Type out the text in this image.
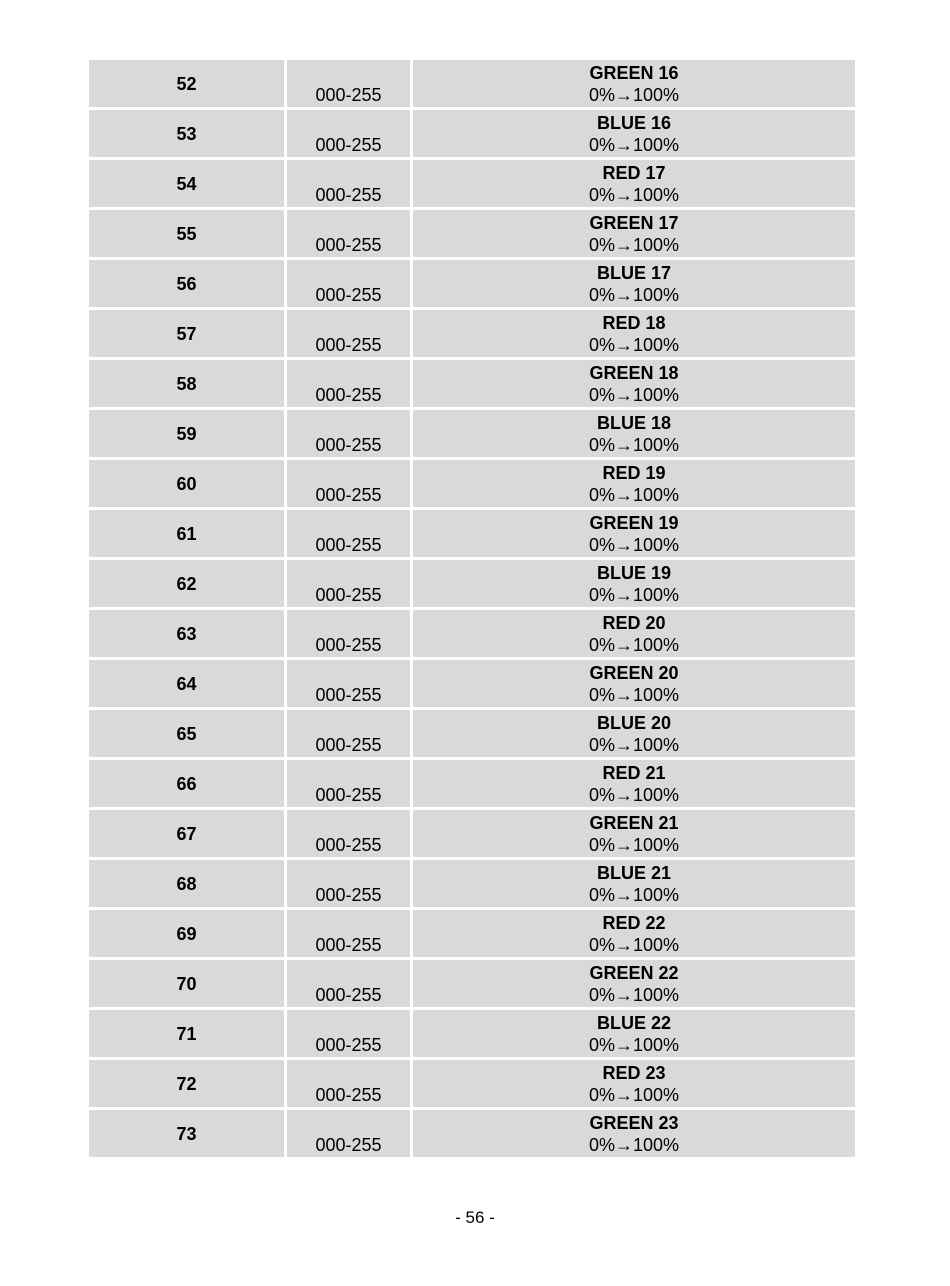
52	000-255	GREEN 16
0%→100%

53	000-255	BLUE 16
0%→100%

54	000-255	RED 17
0%→100%

55	000-255	GREEN 17
0%→100%

56	000-255	BLUE 17
0%→100%

57	000-255	RED 18
0%→100%

58	000-255	GREEN 18
0%→100%

59	000-255	BLUE 18
0%→100%

60	000-255	RED 19
0%→100%

61	000-255	GREEN 19
0%→100%

62	000-255	BLUE 19
0%→100%

63	000-255	RED 20
0%→100%

64	000-255	GREEN 20
0%→100%

65	000-255	BLUE 20
0%→100%

66	000-255	RED 21
0%→100%

67	000-255	GREEN 21
0%→100%

68	000-255	BLUE 21
0%→100%

69	000-255	RED 22
0%→100%

70	000-255	GREEN 22
0%→100%

71	000-255	BLUE 22
0%→100%

72	000-255	RED 23
0%→100%

73	000-255	GREEN 23
0%→100%
- 56 -
